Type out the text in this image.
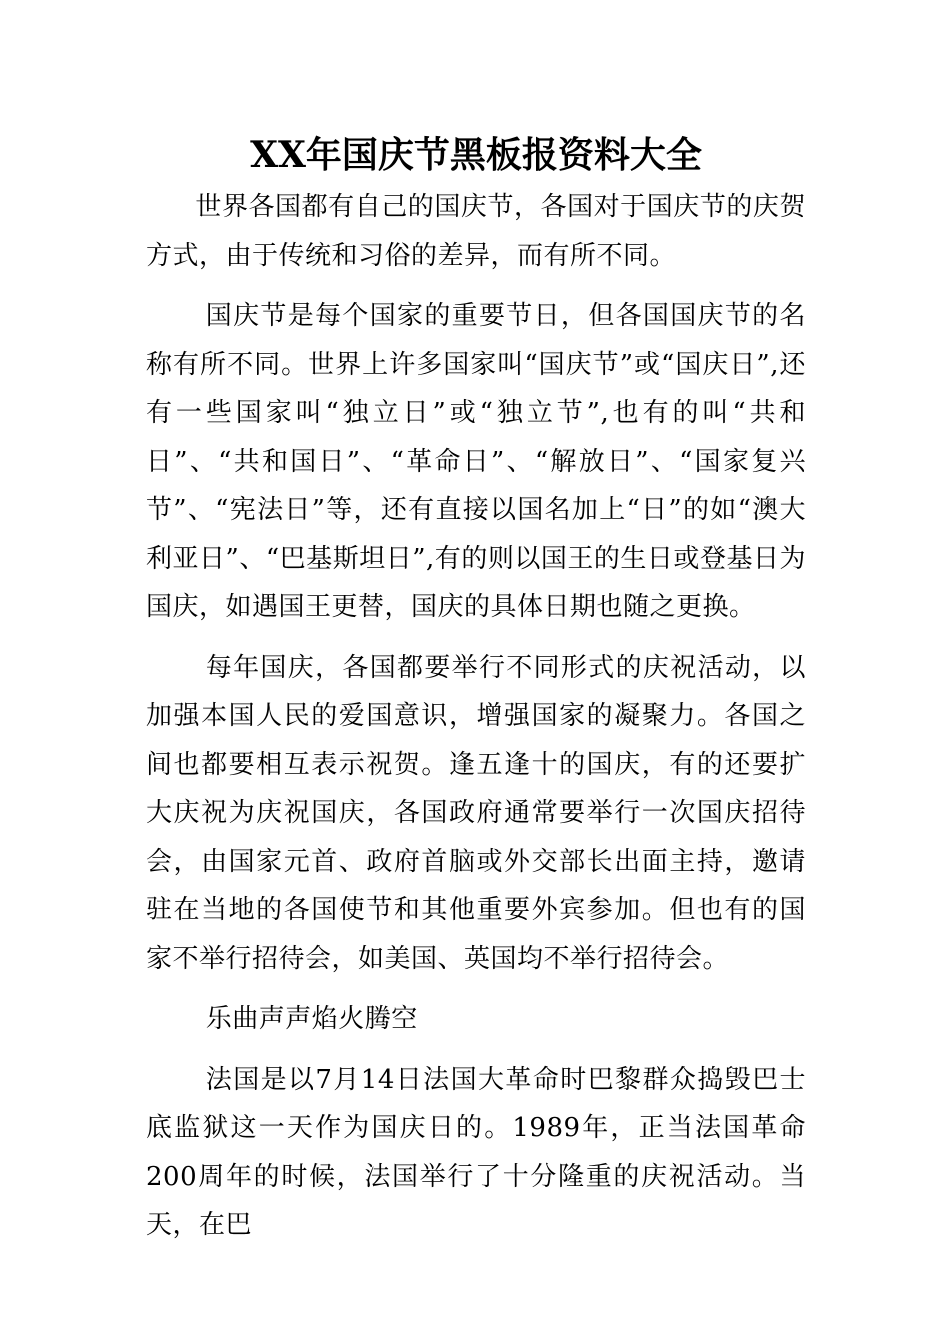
XX年国庆节黑板报资料大全

世界各国都有自己的国庆节，各国对于国庆节的庆贺方式，由于传统和习俗的差异，而有所不同。

国庆节是每个国家的重要节日，但各国国庆节的名称有所不同。世界上许多国家叫“国庆节”或“国庆日”,还有一些国家叫“独立日”或“独立节”,也有的叫“共和日”、“共和国日”、“革命日”、“解放日”、“国家复兴节”、“宪法日”等，还有直接以国名加上“日”的如“澳大利亚日”、“巴基斯坦日”,有的则以国王的生日或登基日为国庆，如遇国王更替，国庆的具体日期也随之更换。

每年国庆，各国都要举行不同形式的庆祝活动，以加强本国人民的爱国意识，增强国家的凝聚力。各国之间也都要相互表示祝贺。逢五逢十的国庆，有的还要扩大庆祝为庆祝国庆，各国政府通常要举行一次国庆招待会，由国家元首、政府首脑或外交部长出面主持，邀请驻在当地的各国使节和其他重要外宾参加。但也有的国家不举行招待会，如美国、英国均不举行招待会。

乐曲声声焰火腾空

法国是以7月14日法国大革命时巴黎群众捣毁巴士底监狱这一天作为国庆日的。1989年，正当法国革命200周年的时候，法国举行了十分隆重的庆祝活动。当天，在巴
